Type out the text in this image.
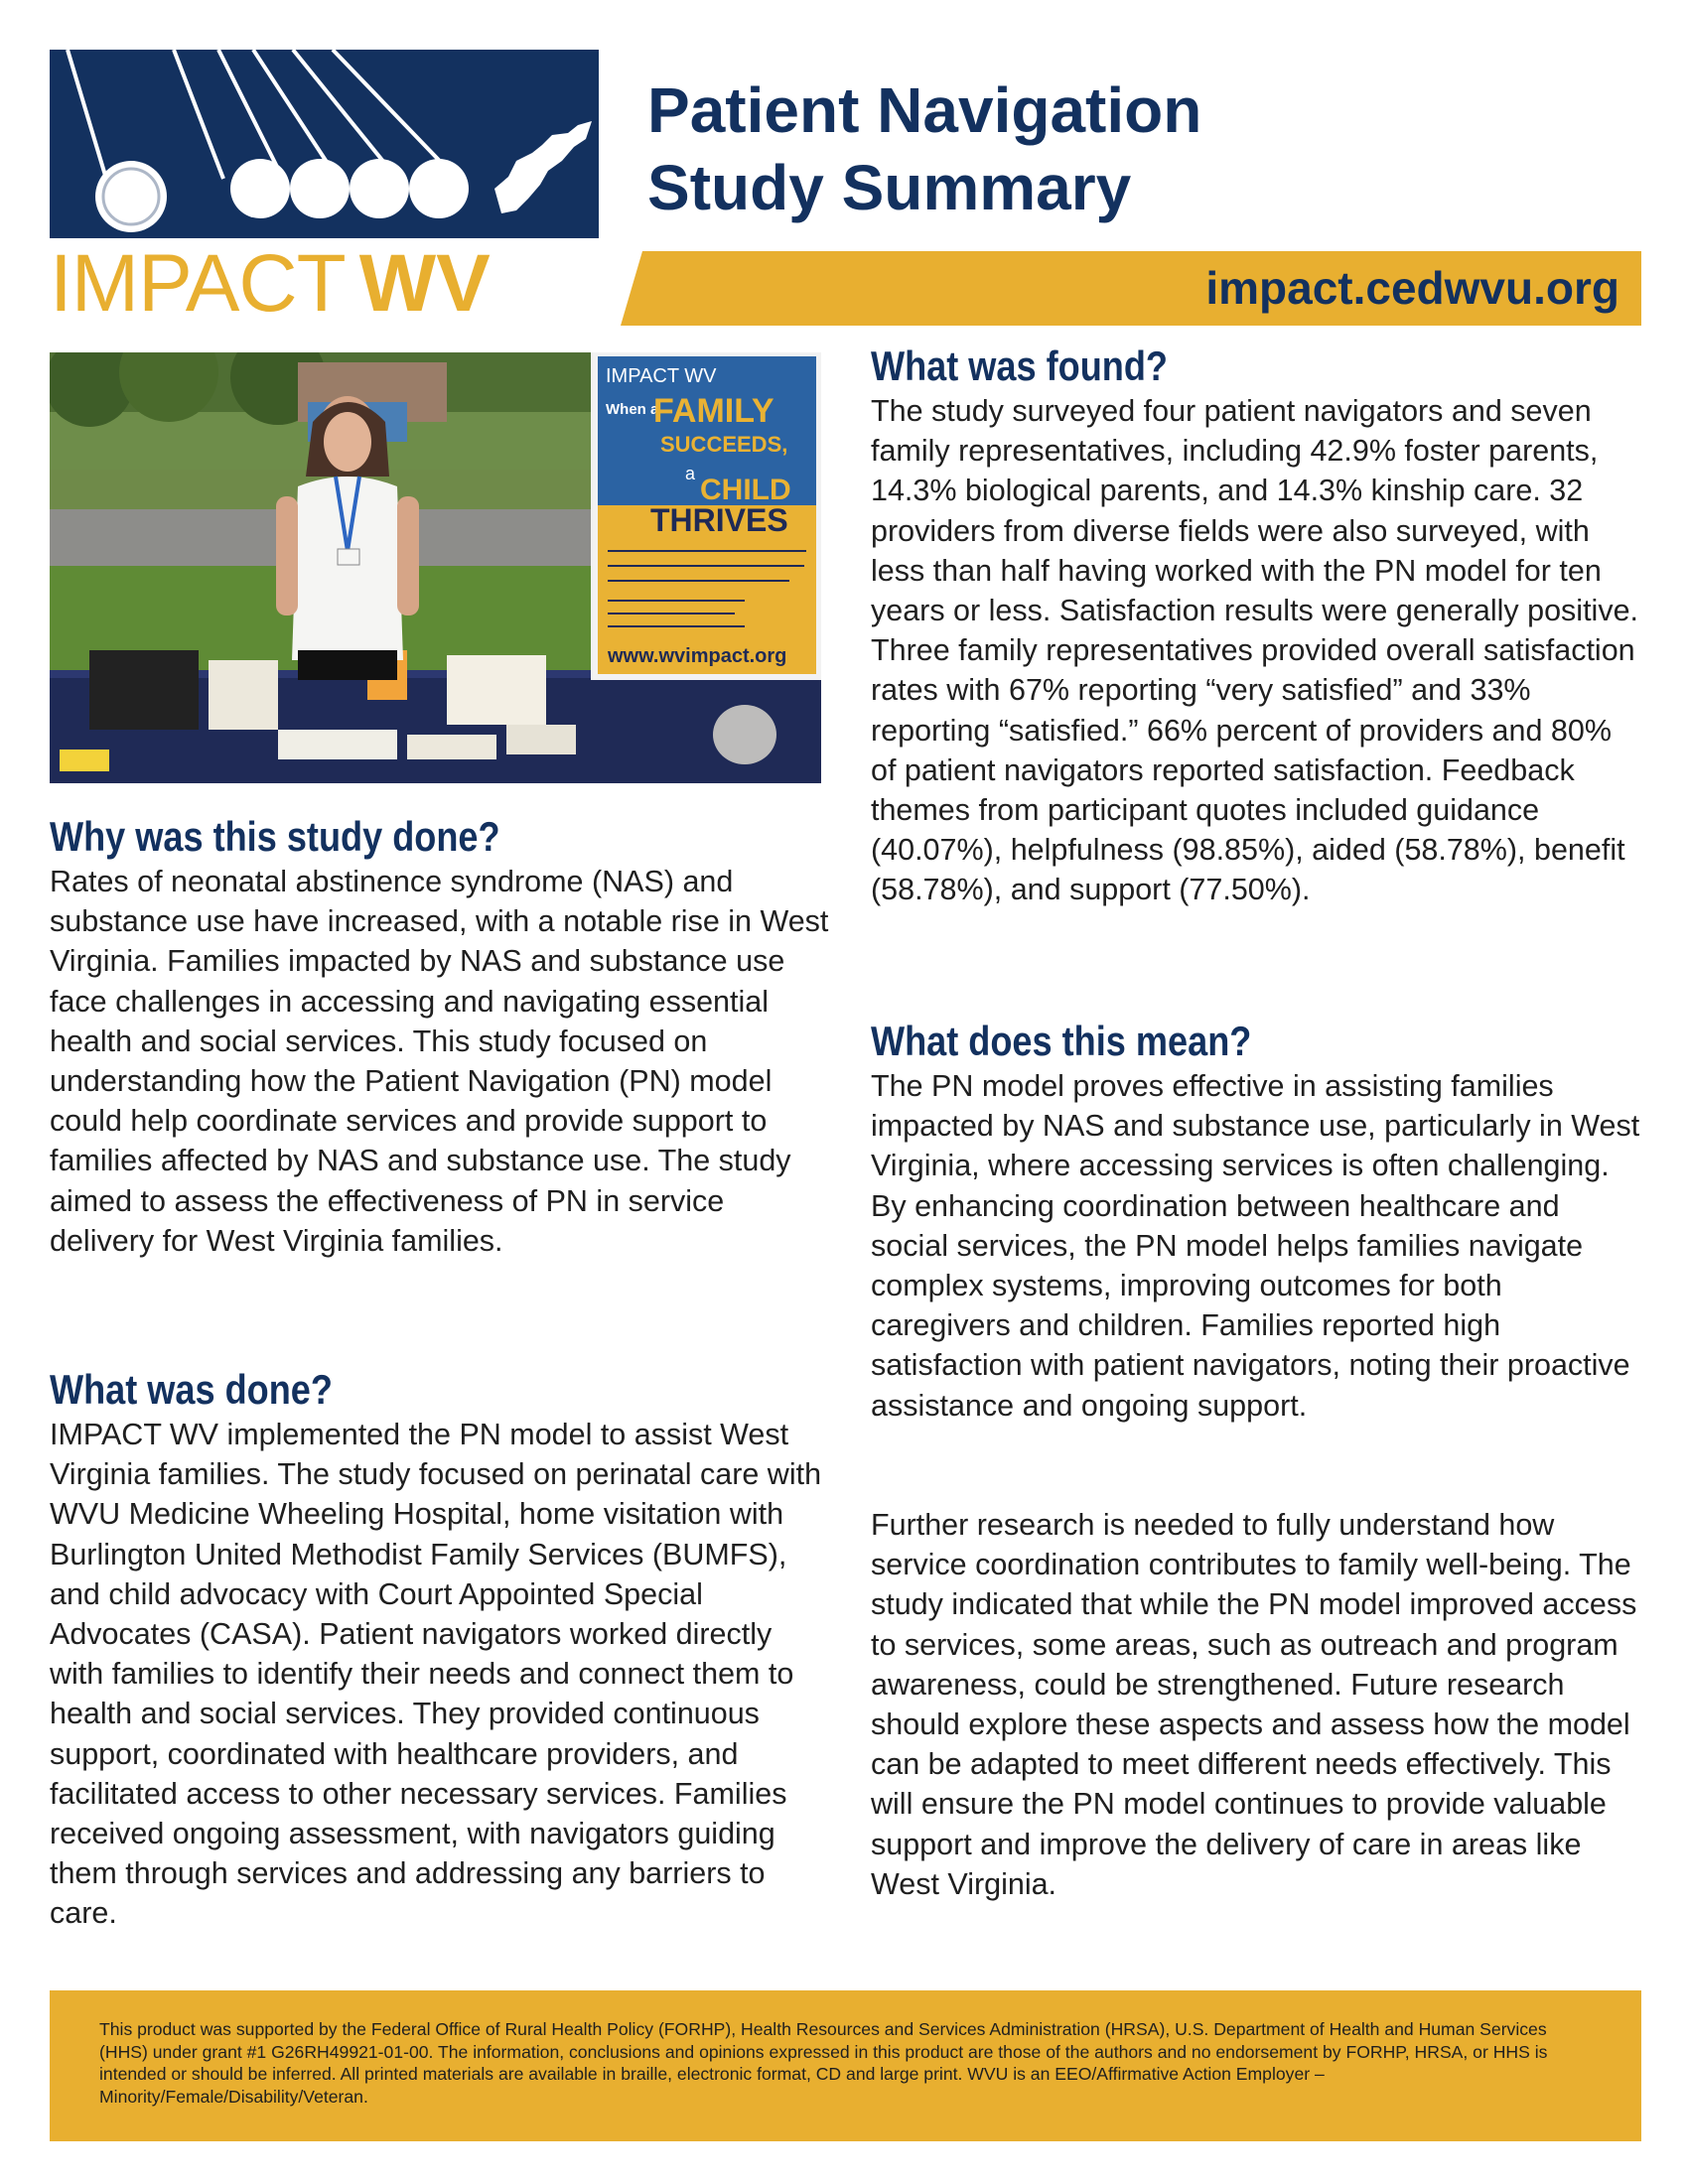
IMPACT WV
Patient Navigation
Study Summary
impact.cedwvu.org
IMPACT WV
When a
FAMILY
SUCCEEDS,
a CHILD
THRIVES
www.wvimpact.org
Why was this study done?
Rates of neonatal abstinence syndrome (NAS) and substance use have increased, with a notable rise in West Virginia. Families impacted by NAS and substance use face challenges in accessing and navigating essential health and social services. This study focused on understanding how the Patient Navigation (PN) model could help coordinate services and provide support to families affected by NAS and substance use. The study aimed to assess the effectiveness of PN in service delivery for West Virginia families.
What was done?
IMPACT WV implemented the PN model to assist West Virginia families. The study focused on perinatal care with WVU Medicine Wheeling Hospital, home visitation with Burlington United Methodist Family Services (BUMFS), and child advocacy with Court Appointed Special Advocates (CASA). Patient navigators worked directly with families to identify their needs and connect them to health and social services. They provided continuous support, coordinated with healthcare providers, and facilitated access to other necessary services. Families received ongoing assessment, with navigators guiding them through services and addressing any barriers to care.
What was found?
The study surveyed four patient navigators and seven family representatives, including 42.9% foster parents, 14.3% biological parents, and 14.3% kinship care. 32 providers from diverse fields were also surveyed, with less than half having worked with the PN model for ten years or less. Satisfaction results were generally positive. Three family representatives provided overall satisfaction rates with 67% reporting “very satisfied” and 33% reporting “satisfied.” 66% percent of providers and 80% of patient navigators reported satisfaction. Feedback themes from participant quotes included guidance (40.07%), helpfulness (98.85%), aided (58.78%), benefit (58.78%), and support (77.50%).
What does this mean?
The PN model proves effective in assisting families impacted by NAS and substance use, particularly in West Virginia, where accessing services is often challenging. By enhancing coordination between healthcare and social services, the PN model helps families navigate complex systems, improving outcomes for both caregivers and children. Families reported high satisfaction with patient navigators, noting their proactive assistance and ongoing support.
Further research is needed to fully understand how service coordination contributes to family well-being. The study indicated that while the PN model improved access to services, some areas, such as outreach and program awareness, could be strengthened. Future research should explore these aspects and assess how the model can be adapted to meet different needs effectively. This will ensure the PN model continues to provide valuable support and improve the delivery of care in areas like West Virginia.
This product was supported by the Federal Office of Rural Health Policy (FORHP), Health Resources and Services Administration (HRSA), U.S. Department of Health and Human Services (HHS) under grant #1 G26RH49921-01-00. The information, conclusions and opinions expressed in this product are those of the authors and no endorsement by FORHP, HRSA, or HHS is intended or should be inferred. All printed materials are available in braille, electronic format, CD and large print. WVU is an EEO/Affirmative Action Employer – Minority/Female/Disability/Veteran.
